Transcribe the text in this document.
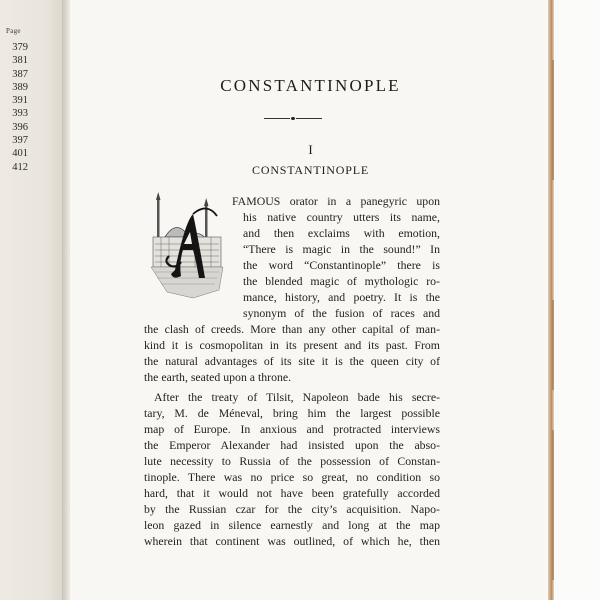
Page
379
381
387
389
391
393
396
397
401
412
CONSTANTINOPLE
I
CONSTANTINOPLE
FAMOUS orator in a panegyric upon
his native country utters its name,
and then exclaims with emotion,
“There is magic in the sound!” In
the word “Constantinople” there is
the blended magic of mythologic ro-
mance, history, and poetry. It is the
synonym of the fusion of races and
the clash of creeds. More than any other capital of man-
kind it is cosmopolitan in its present and its past. From
the natural advantages of its site it is the queen city of
the earth, seated upon a throne.
After the treaty of Tilsit, Napoleon bade his secre-
tary, M. de Méneval, bring him the largest possible
map of Europe. In anxious and protracted interviews
the Emperor Alexander had insisted upon the abso-
lute necessity to Russia of the possession of Constan-
tinople. There was no price so great, no condition so
hard, that it would not have been gratefully accorded
by the Russian czar for the city’s acquisition. Napo-
leon gazed in silence earnestly and long at the map
wherein that continent was outlined, of which he, then
